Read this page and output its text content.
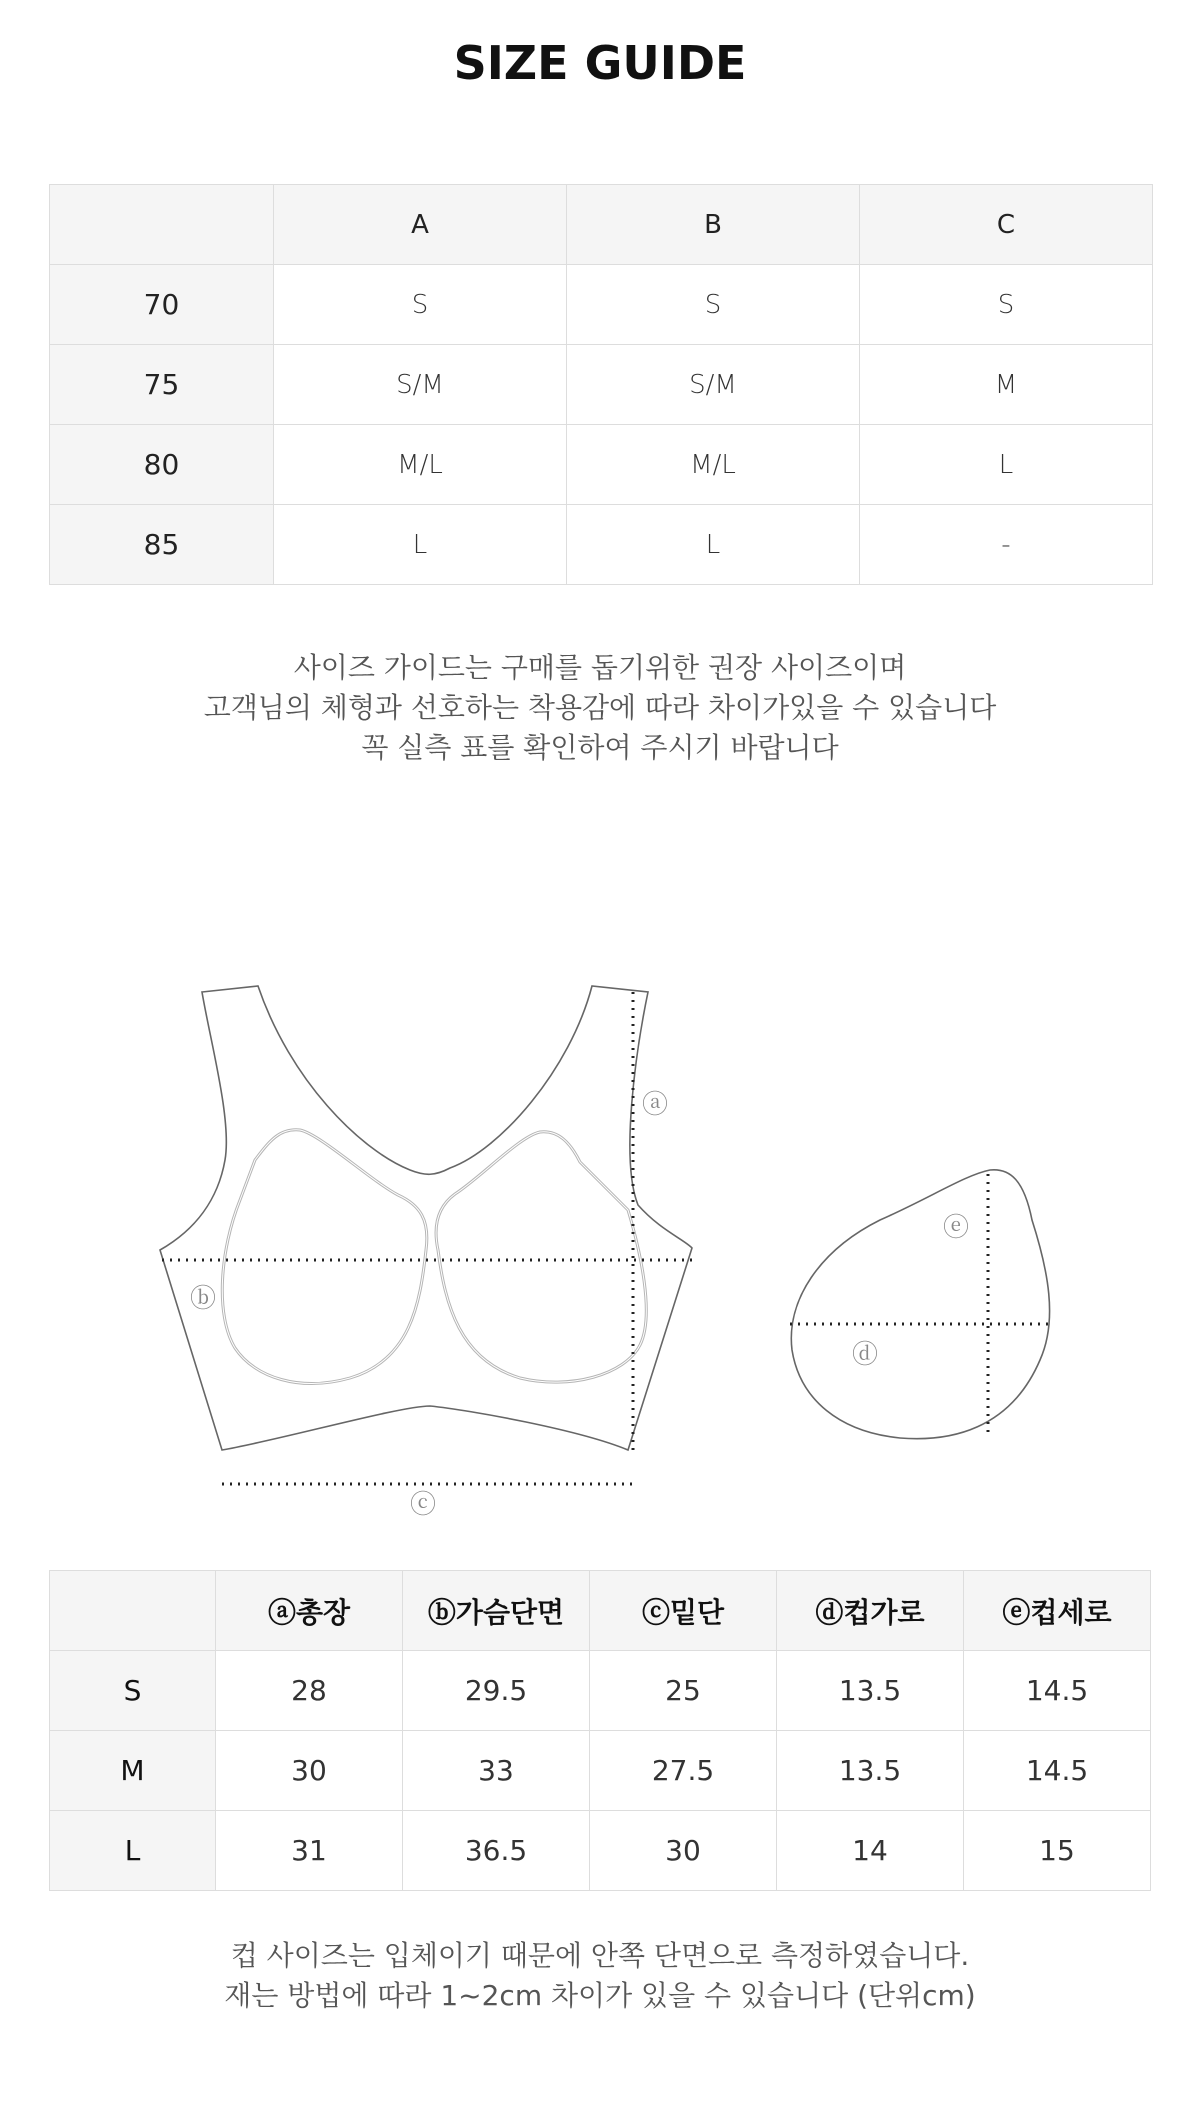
SIZE GUIDE
	A	B	C
70	S	S	S
75	S/M	S/M	M
80	M/L	M/L	L
85	L	L	-
사이즈 가이드는 구매를 돕기위한 권장 사이즈이며
고객님의 체형과 선호하는 착용감에 따라 차이가있을 수 있습니다
꼭 실측 표를 확인하여 주시기 바랍니다
ⓐ
ⓑ
ⓒ
ⓓ
ⓔ
	ⓐ총장	ⓑ가슴단면	ⓒ밑단	ⓓ컵가로	ⓔ컵세로
S	28	29.5	25	13.5	14.5
M	30	33	27.5	13.5	14.5
L	31	36.5	30	14	15
컵 사이즈는 입체이기 때문에 안쪽 단면으로 측정하였습니다.
재는 방법에 따라 1~2cm 차이가 있을 수 있습니다 (단위cm)
